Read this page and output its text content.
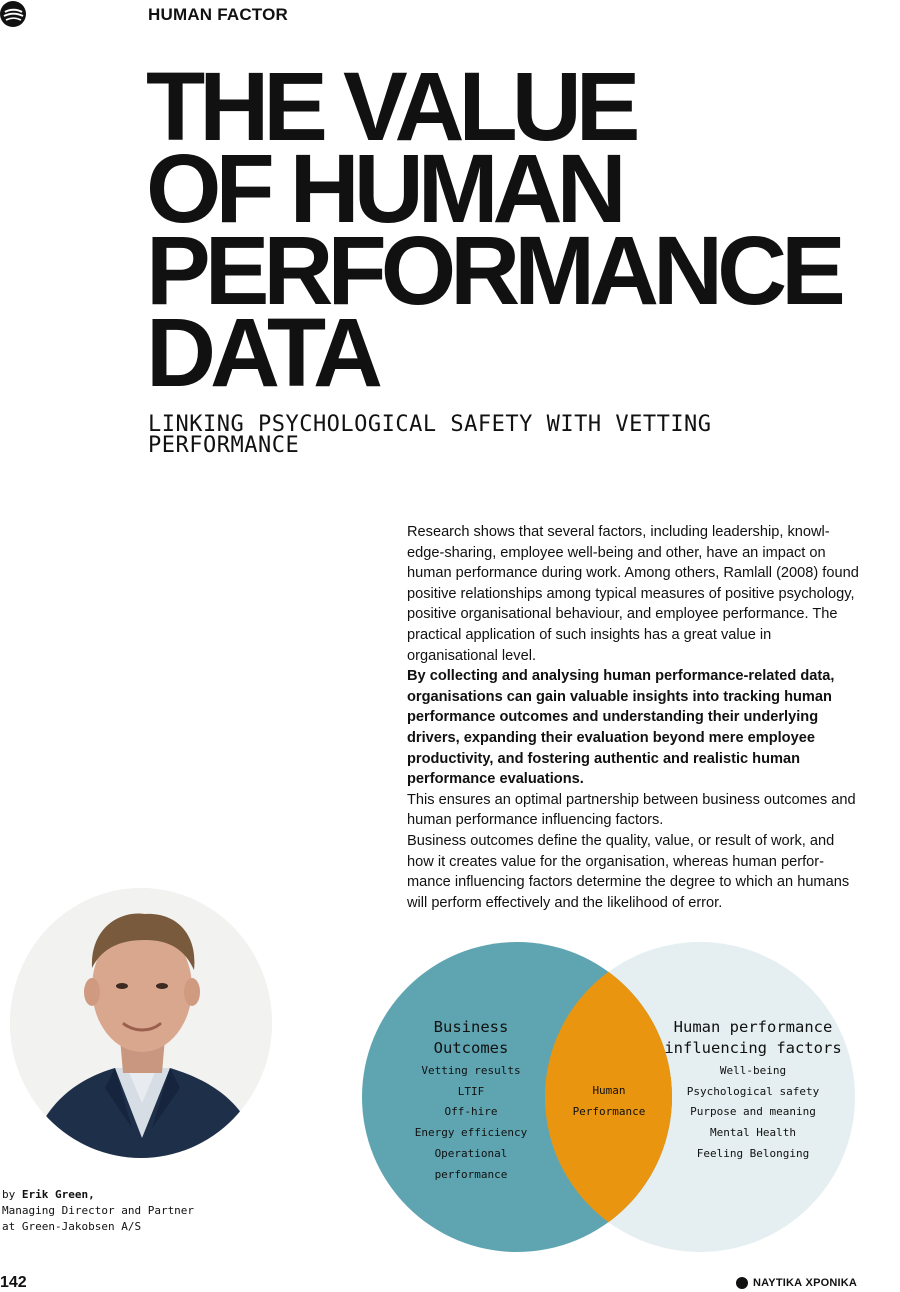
HUMAN FACTOR
THE VALUE
OF HUMAN
PERFORMANCE
DATA
LINKING PSYCHOLOGICAL SAFETY WITH VETTING PERFORMANCE

Research shows that several factors, including leadership, knowledge-sharing, employee well-being and other, have an impact on human performance during work. Among others, Ramlall (2008) found positive relationships among typical measures of positive psychology, positive organisational behaviour, and employee performance. The practical application of such insights has a great value in organisational level.

By collecting and analysing human performance-related data, organisations can gain valuable insights into tracking human performance outcomes and understanding their underlying drivers, expanding their evaluation beyond mere employee productivity, and fostering authentic and realistic human performance evaluations.

This ensures an optimal partnership between business outcomes and human performance influencing factors.

Business outcomes define the quality, value, or result of work, and how it creates value for the organisation, whereas human performance influencing factors determine the degree to which an humans will perform effectively and the likelihood of error.

by Erik Green,
Managing Director and Partner
at Green-Jakobsen A/S
Business Outcomes
Vetting results
LTIF
Off-hire
Energy efficiency
Operational performance
Human
Performance
Human performance influencing factors
Well-being
Psychological safety
Purpose and meaning
Mental Health
Feeling Belonging
142	ΝΑΥΤΙΚΑ ΧΡΟΝΙΚΑ
